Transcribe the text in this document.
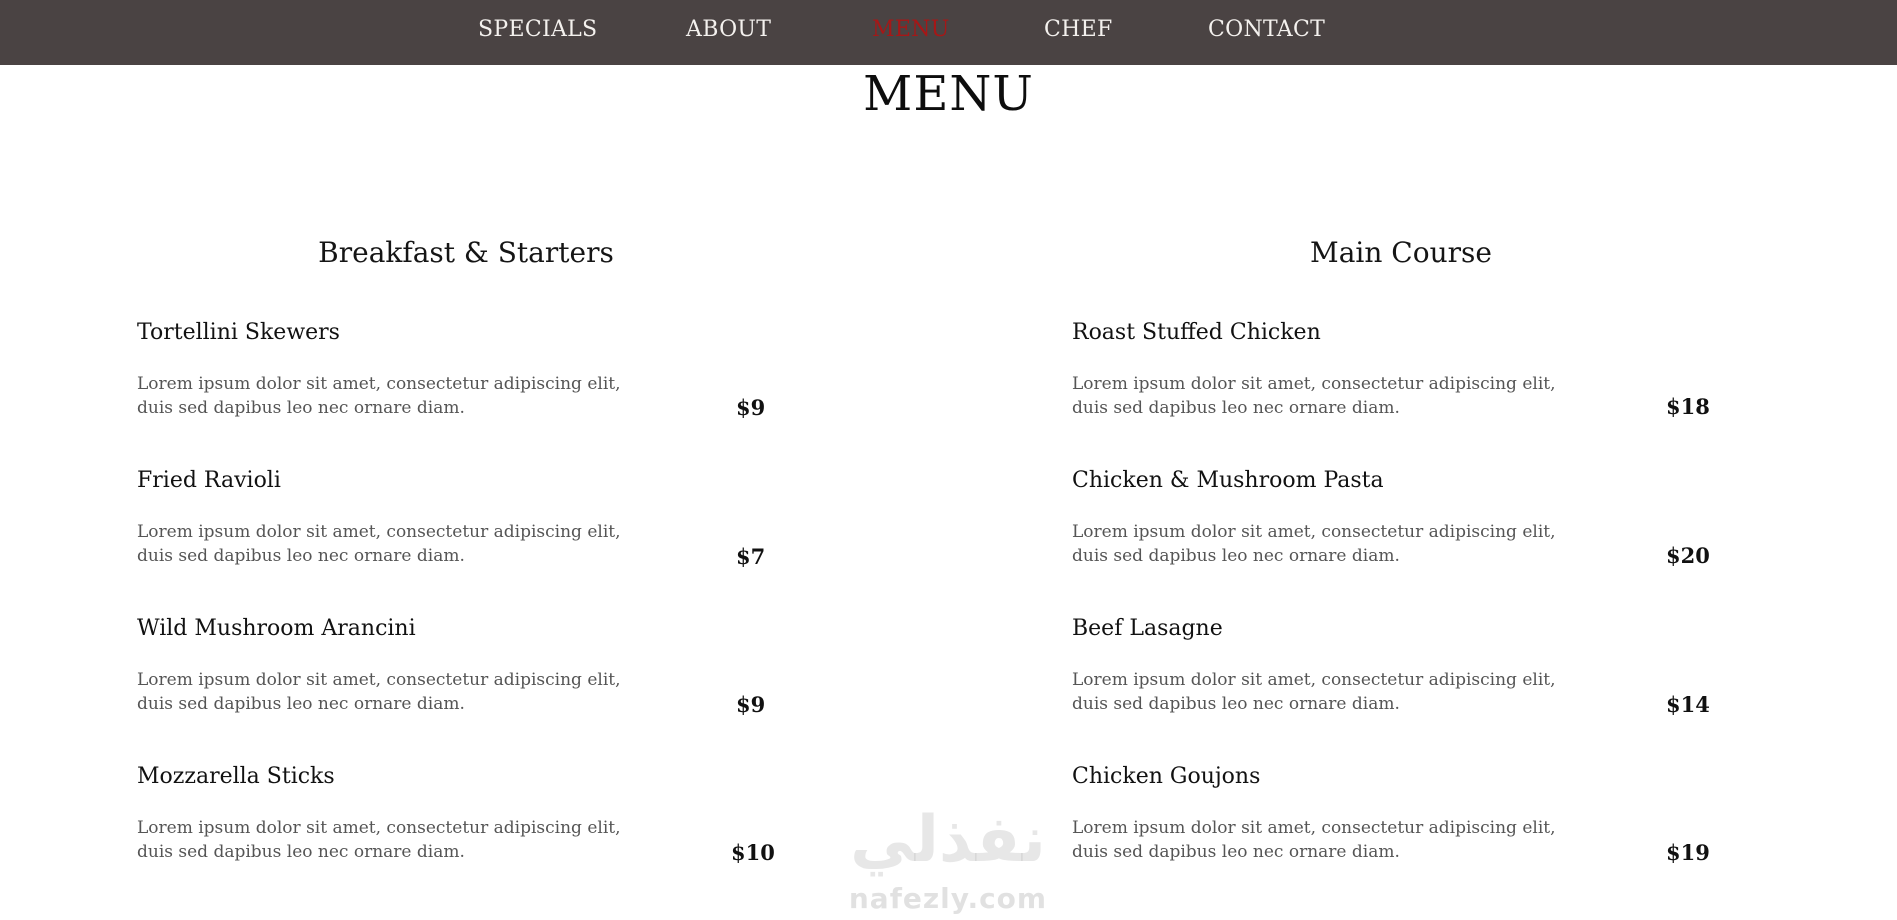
SPECIALS	ABOUT	MENU	CHEF	CONTACT
MENU
Breakfast & Starters
Tortellini Skewers

Lorem ipsum dolor sit amet, consectetur adipiscing elit, duis sed dapibus leo nec ornare diam.	$9
Fried Ravioli

Lorem ipsum dolor sit amet, consectetur adipiscing elit, duis sed dapibus leo nec ornare diam.	$7
Wild Mushroom Arancini

Lorem ipsum dolor sit amet, consectetur adipiscing elit, duis sed dapibus leo nec ornare diam.	$9
Mozzarella Sticks

Lorem ipsum dolor sit amet, consectetur adipiscing elit, duis sed dapibus leo nec ornare diam.	$10
Main Course
Roast Stuffed Chicken

Lorem ipsum dolor sit amet, consectetur adipiscing elit, duis sed dapibus leo nec ornare diam.	$18
Chicken & Mushroom Pasta

Lorem ipsum dolor sit amet, consectetur adipiscing elit, duis sed dapibus leo nec ornare diam.	$20
Beef Lasagne

Lorem ipsum dolor sit amet, consectetur adipiscing elit, duis sed dapibus leo nec ornare diam.	$14
Chicken Goujons

Lorem ipsum dolor sit amet, consectetur adipiscing elit, duis sed dapibus leo nec ornare diam.	$19
نفذلي
nafezly.com
